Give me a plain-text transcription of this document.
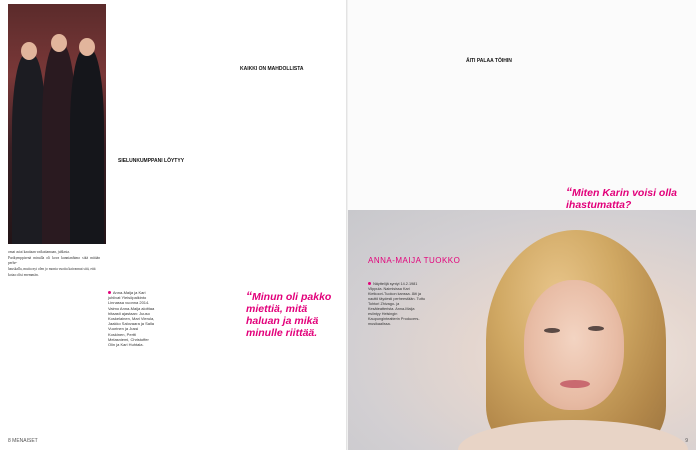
Anna-Maija ja Kari juhlivat Yleisöpalkinto Linnassa vuonna 2014. Vaimo Anna-Maija aloittaa hitaasti ajastaan: Juuso Koskelainen, Mari Vierula, Jaakko Salovaara ja Salla Vuorinen ja Jussi Koskinen, Pertti Melasniemi, Christoffer Olin ja Kari Huhtala.

omat asiat kauttaan vaikuttamaan, juhlasta.

Parikymppisenä minulla oli kova kunnianhimo siitä mitään perhe-

hauskalla, mutta nyt olen jo monta vuotta kaivannut sitä, että

kotaa olisi enemmän.

SIELUNKUMPPANI LÖYTYY
KAIKKI ON MAHDOLLISTA
“Minun oli pakko miettiä, mitä haluan ja mikä minulle riittää.
8 MENAISET
ÄITI PALAA TÖIHIN
ANNA-MAIJA TUOKKO
Näyttelijä syntyi 14.2.1981 Vilppula. Naimisissa Kari Kietkoori-Tuokon kanssa. Äiti ja nauttii täydesti perheestään. Tuttu Tohtori Zhivago- ja Kesäteatterista. Anna-Maija esiintyy Helsingin Kaupunginteatterin Producers-musikaalissa.
“Miten Karin voisi olla ihastumatta?
9
